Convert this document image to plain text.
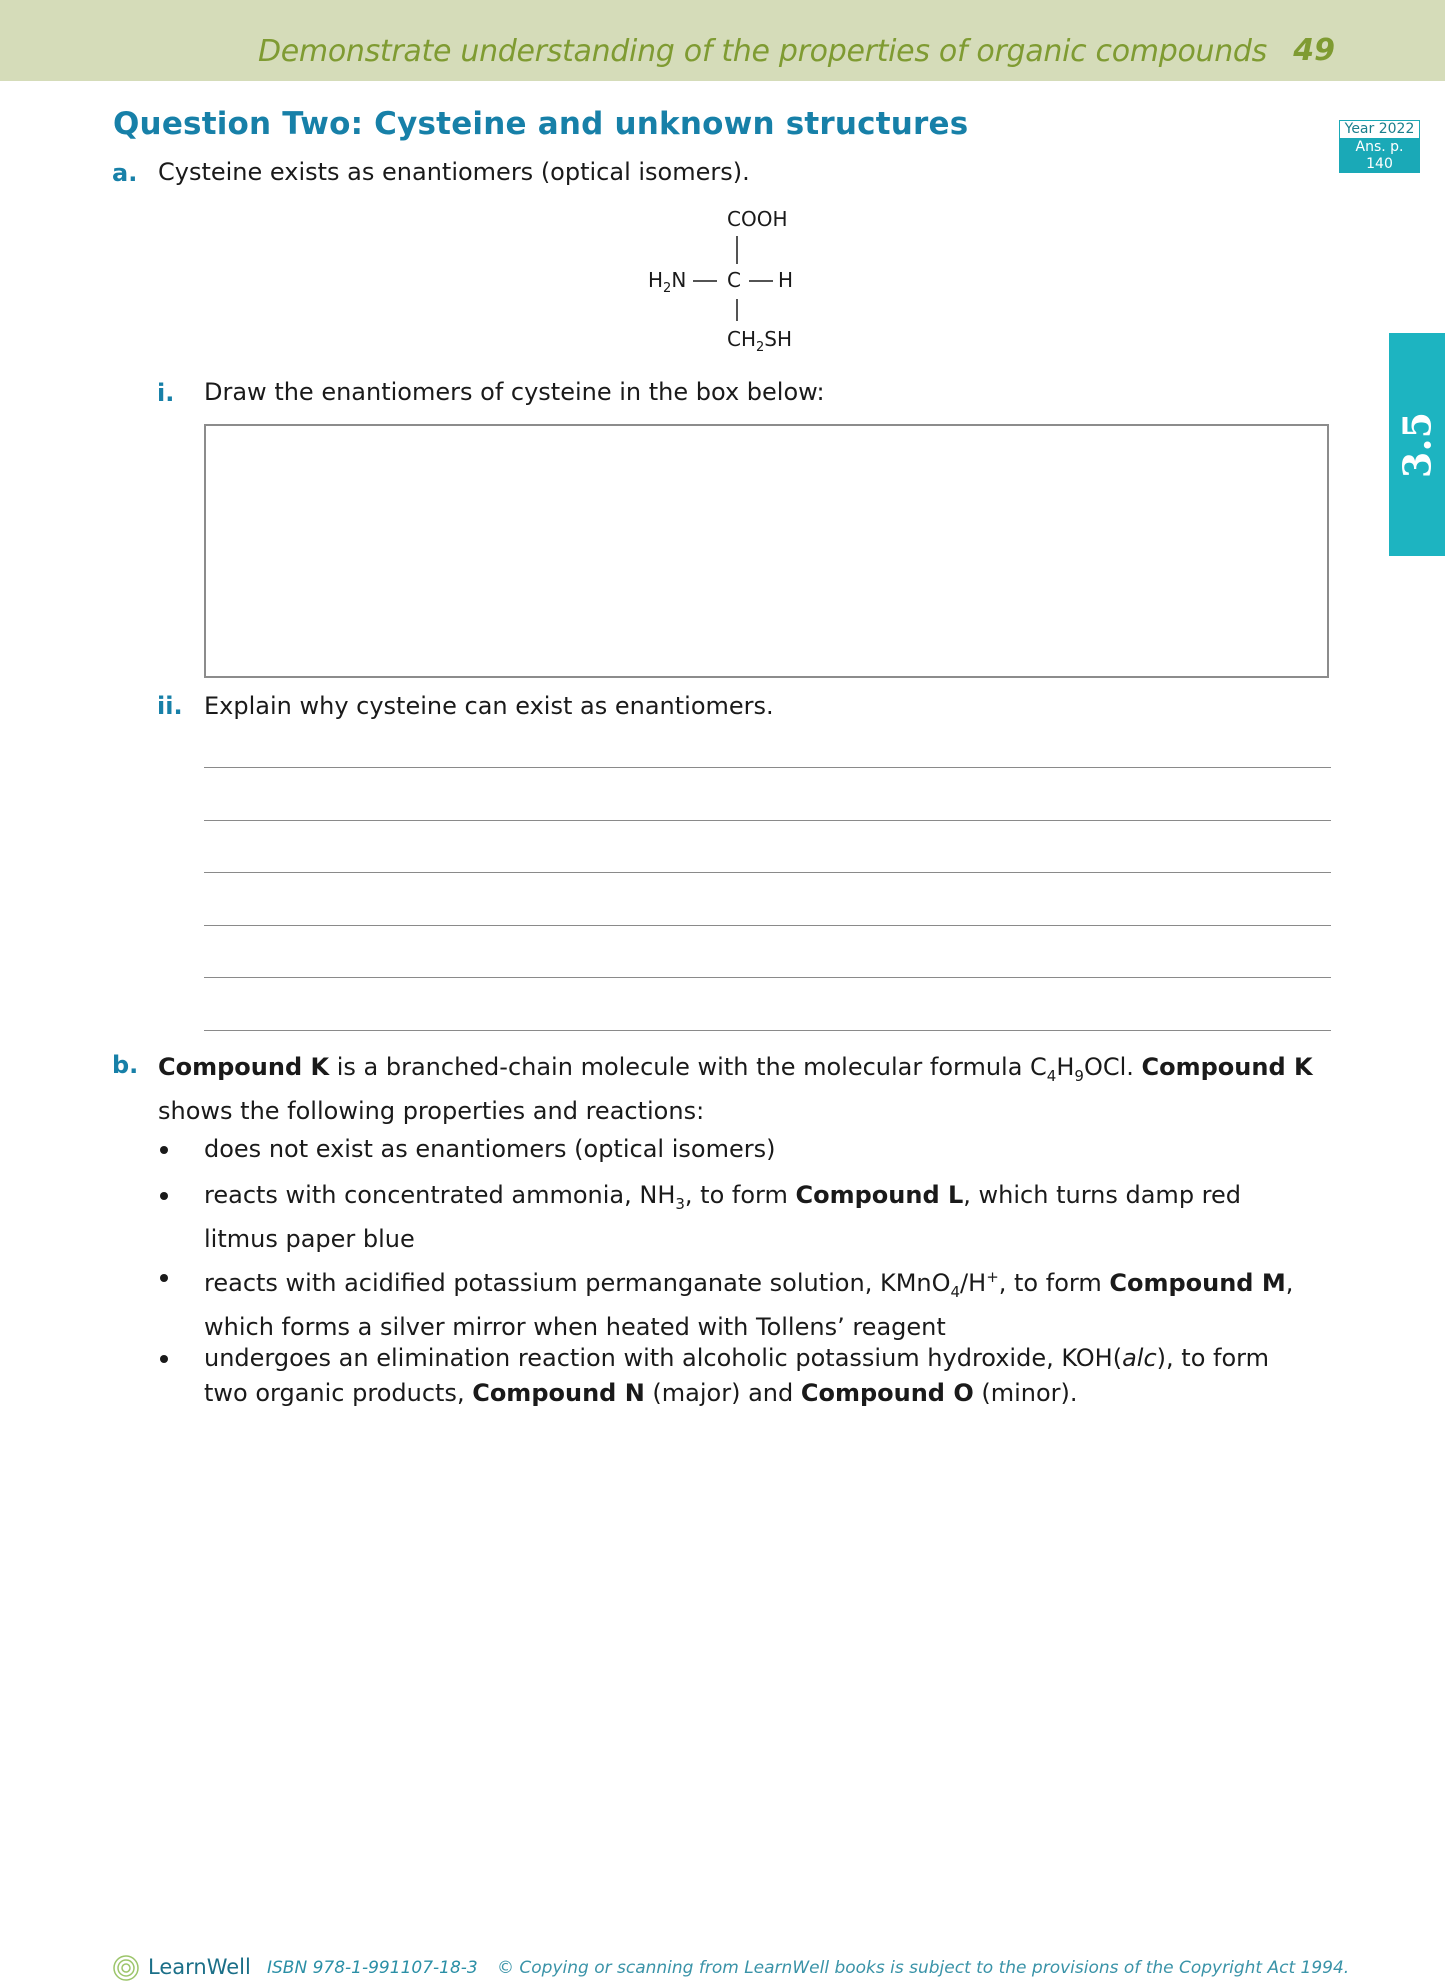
Demonstrate understanding of the properties of organic compounds 49
Question Two: Cysteine and unknown structures	Year 2022
Ans. p. 140
3.5
a. Cysteine exists as enantiomers (optical isomers).
COOH
$H_2N$ C H
$CH_2SH$
i. Draw the enantiomers of cysteine in the box below:
ii. Explain why cysteine can exist as enantiomers.
b. Compound K is a branched-chain molecule with the molecular formula $C_4H_9OCl$. Compound K shows the following properties and reactions:
does not exist as enantiomers (optical isomers)
reacts with concentrated ammonia, $NH_3$, to form Compound L, which turns damp red litmus paper blue
reacts with acidified potassium permanganate solution, KMnO$_4$/H+, to form Compound M, which forms a silver mirror when heated with Tollens’ reagent
undergoes an elimination reaction with alcoholic potassium hydroxide, KOH(alc), to form two organic products, Compound N (major) and Compound O (minor).
LearnWell ISBN 978-1-991107-18-3 © Copying or scanning from LearnWell books is subject to the provisions of the Copyright Act 1994.
